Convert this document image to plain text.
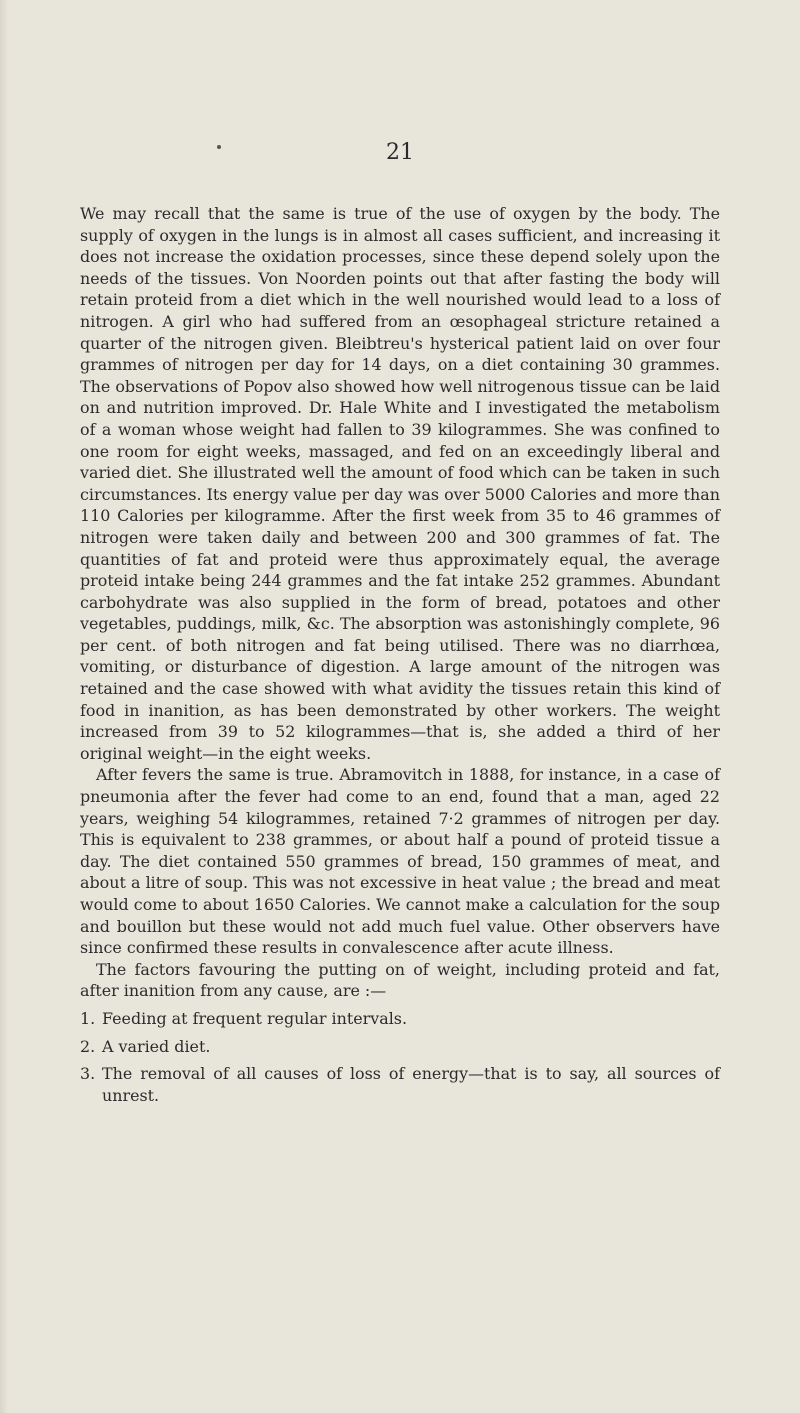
21

We may recall that the same is true of the use of oxygen by the body. The supply of oxygen in the lungs is in almost all cases sufficient, and increasing it does not increase the oxidation processes, since these depend solely upon the needs of the tissues. Von Noorden points out that after fasting the body will retain proteid from a diet which in the well nourished would lead to a loss of nitrogen. A girl who had suffered from an œsophageal stricture retained a quarter of the nitrogen given. Bleibtreu's hysterical patient laid on over four grammes of nitrogen per day for 14 days, on a diet containing 30 grammes. The observations of Popov also showed how well nitrogenous tissue can be laid on and nutrition improved. Dr. Hale White and I investigated the metabolism of a woman whose weight had fallen to 39 kilogrammes. She was confined to one room for eight weeks, massaged, and fed on an exceedingly liberal and varied diet. She illustrated well the amount of food which can be taken in such circumstances. Its energy value per day was over 5000 Calories and more than 110 Calories per kilogramme. After the first week from 35 to 46 grammes of nitrogen were taken daily and between 200 and 300 grammes of fat. The quantities of fat and proteid were thus approximately equal, the average proteid intake being 244 grammes and the fat intake 252 grammes. Abundant carbohydrate was also supplied in the form of bread, potatoes and other vegetables, puddings, milk, &c. The absorption was astonishingly complete, 96 per cent. of both nitrogen and fat being utilised. There was no diarrhœa, vomiting, or disturbance of digestion. A large amount of the nitrogen was retained and the case showed with what avidity the tissues retain this kind of food in inanition, as has been demonstrated by other workers. The weight increased from 39 to 52 kilogrammes—that is, she added a third of her original weight—in the eight weeks.

After fevers the same is true. Abramovitch in 1888, for instance, in a case of pneumonia after the fever had come to an end, found that a man, aged 22 years, weighing 54 kilogrammes, retained 7·2 grammes of nitrogen per day. This is equivalent to 238 grammes, or about half a pound of proteid tissue a day. The diet contained 550 grammes of bread, 150 grammes of meat, and about a litre of soup. This was not excessive in heat value ; the bread and meat would come to about 1650 Calories. We cannot make a calculation for the soup and bouillon but these would not add much fuel value. Other observers have since confirmed these results in convalescence after acute illness.

The factors favouring the putting on of weight, including proteid and fat, after inanition from any cause, are :—

1. Feeding at frequent regular intervals.
2. A varied diet.
3. The removal of all causes of loss of energy—that is to say, all sources of unrest.
